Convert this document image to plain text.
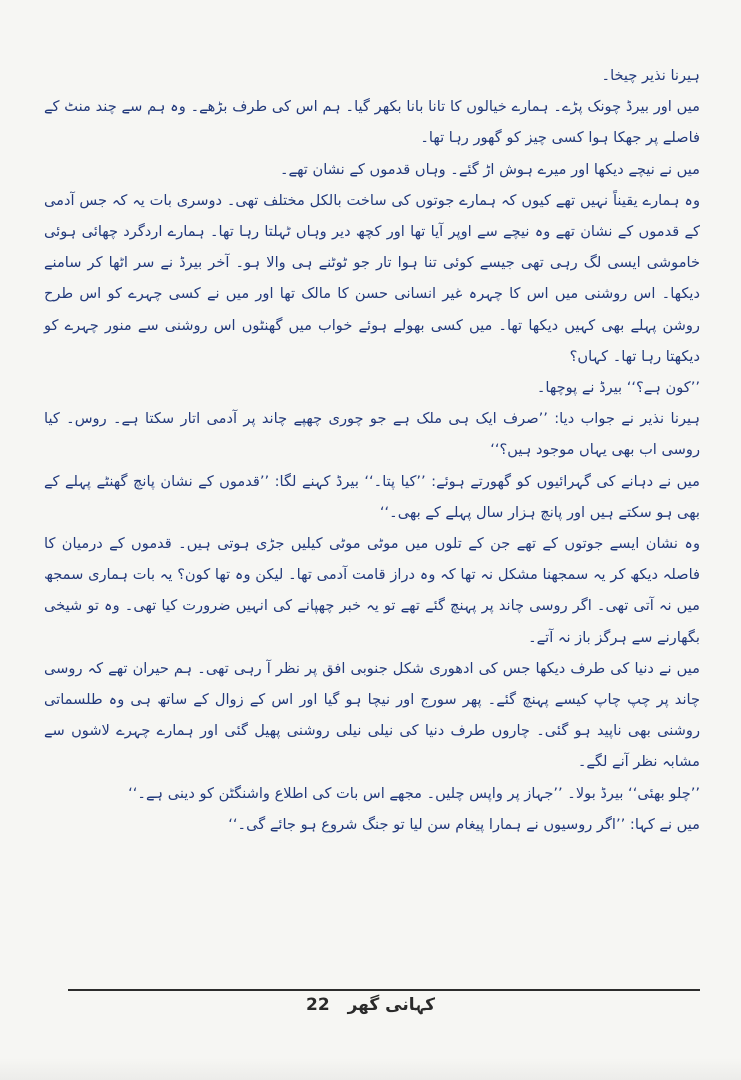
ہیرنا نذیر چیخا۔

میں اور بیرڈ چونک پڑے۔ ہمارے خیالوں کا تانا بانا بکھر گیا۔ ہم اس کی طرف بڑھے۔ وہ ہم سے چند منٹ کے فاصلے پر جھکا ہوا کسی چیز کو گھور رہا تھا۔

میں نے نیچے دیکھا اور میرے ہوش اڑ گئے۔ وہاں قدموں کے نشان تھے۔

وہ ہمارے یقیناً نہیں تھے کیوں کہ ہمارے جوتوں کی ساخت بالکل مختلف تھی۔ دوسری بات یہ کہ جس آدمی کے قدموں کے نشان تھے وہ نیچے سے اوپر آیا تھا اور کچھ دیر وہاں ٹہلتا رہا تھا۔ ہمارے اردگرد چھائی ہوئی خاموشی ایسی لگ رہی تھی جیسے کوئی تنا ہوا تار جو ٹوٹنے ہی والا ہو۔ آخر بیرڈ نے سر اٹھا کر سامنے دیکھا۔ اس روشنی میں اس کا چہرہ غیر انسانی حسن کا مالک تھا اور میں نے کسی چہرے کو اس طرح روشن پہلے بھی کہیں دیکھا تھا۔ میں کسی بھولے ہوئے خواب میں گھنٹوں اس روشنی سے منور چہرے کو دیکھتا رہا تھا۔ کہاں؟

’’کون ہے؟‘‘ بیرڈ نے پوچھا۔

ہیرنا نذیر نے جواب دیا: ’’صرف ایک ہی ملک ہے جو چوری چھپے چاند پر آدمی اتار سکتا ہے۔ روس۔ کیا روسی اب بھی یہاں موجود ہیں؟‘‘

میں نے دہانے کی گہرائیوں کو گھورتے ہوئے: ’’کیا پتا۔‘‘ بیرڈ کہنے لگا: ’’قدموں کے نشان پانچ گھنٹے پہلے کے بھی ہو سکتے ہیں اور پانچ ہزار سال پہلے کے بھی۔‘‘

وہ نشان ایسے جوتوں کے تھے جن کے تلوں میں موٹی موٹی کیلیں جڑی ہوتی ہیں۔ قدموں کے درمیان کا فاصلہ دیکھ کر یہ سمجھنا مشکل نہ تھا کہ وہ دراز قامت آدمی تھا۔ لیکن وہ تھا کون؟ یہ بات ہماری سمجھ میں نہ آتی تھی۔ اگر روسی چاند پر پہنچ گئے تھے تو یہ خبر چھپانے کی انہیں ضرورت کیا تھی۔ وہ تو شیخی بگھارنے سے ہرگز باز نہ آتے۔

میں نے دنیا کی طرف دیکھا جس کی ادھوری شکل جنوبی افق پر نظر آ رہی تھی۔ ہم حیران تھے کہ روسی چاند پر چپ چاپ کیسے پہنچ گئے۔ پھر سورج اور نیچا ہو گیا اور اس کے زوال کے ساتھ ہی وہ طلسماتی روشنی بھی ناپید ہو گئی۔ چاروں طرف دنیا کی نیلی نیلی روشنی پھیل گئی اور ہمارے چہرے لاشوں سے مشابہ نظر آنے لگے۔

’’چلو بھئی‘‘ بیرڈ بولا۔ ’’جہاز پر واپس چلیں۔ مجھے اس بات کی اطلاع واشنگٹن کو دینی ہے۔‘‘

میں نے کہا: ’’اگر روسیوں نے ہمارا پیغام سن لیا تو جنگ شروع ہو جائے گی۔‘‘

22 کہانی گھر
